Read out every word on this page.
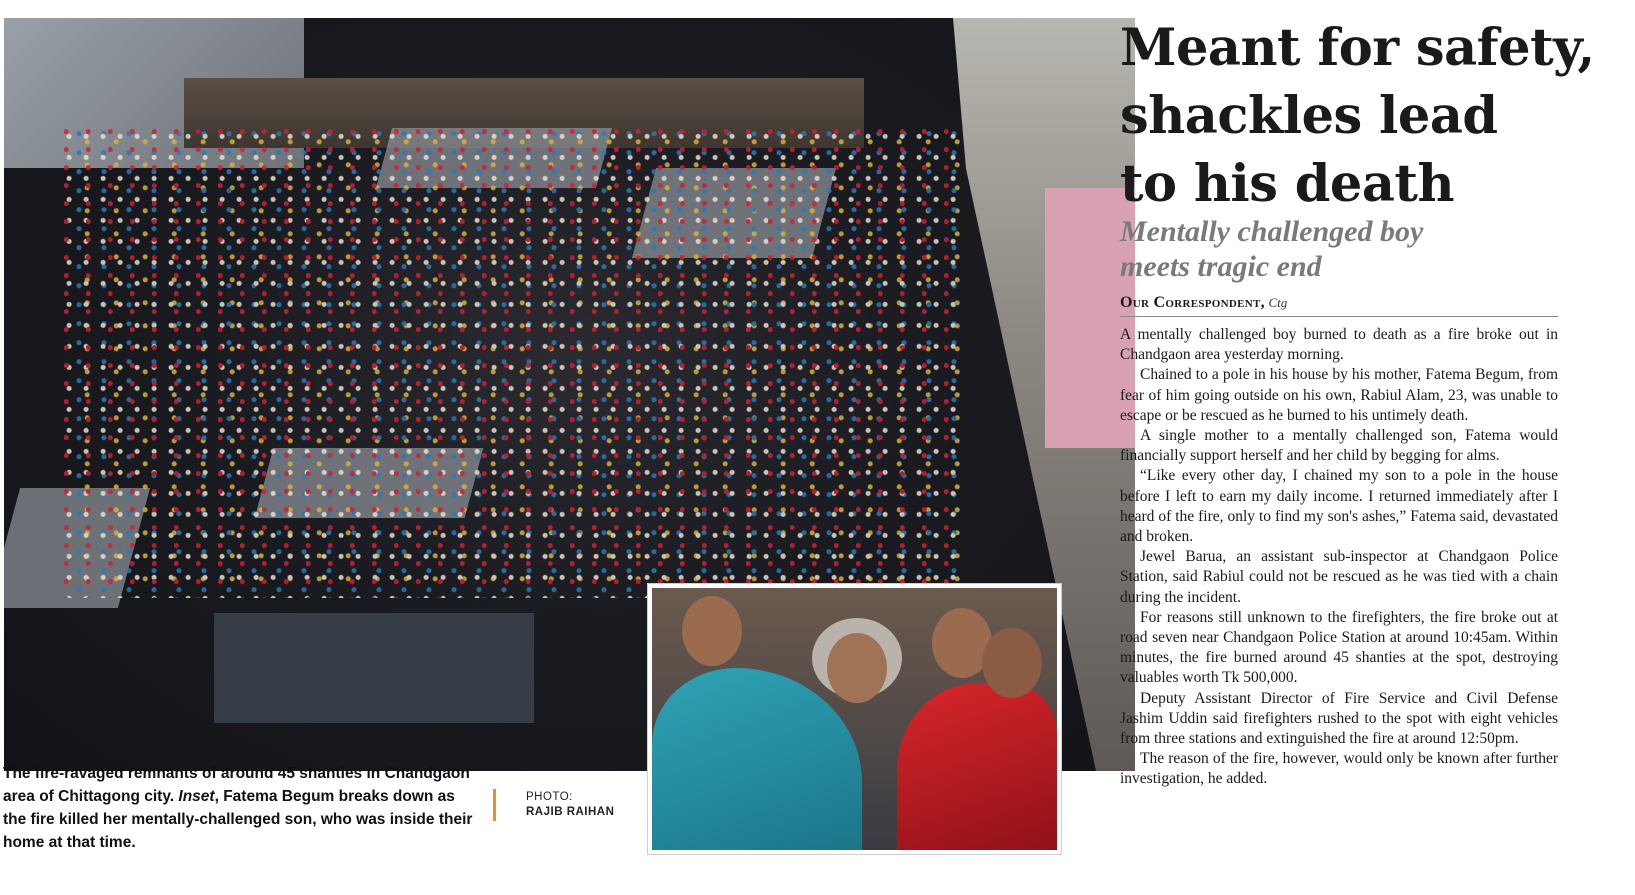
The fire-ravaged remnants of around 45 shanties in Chandgaon area of Chittagong city. Inset, Fatema Begum breaks down as the fire killed her mentally-challenged son, who was inside their home at that time.
PHOTO:
RAJIB RAIHAN
Meant for safety,
shackles lead
to his death
Mentally challenged boy
meets tragic end
Our Correspondent, Ctg

A mentally challenged boy burned to death as a fire broke out in Chandgaon area yesterday morning.

Chained to a pole in his house by his mother, Fatema Begum, from fear of him going outside on his own, Rabiul Alam, 23, was unable to escape or be rescued as he burned to his untimely death.

A single mother to a mentally challenged son, Fatema would financially support herself and her child by begging for alms.

“Like every other day, I chained my son to a pole in the house before I left to earn my daily income. I returned immediately after I heard of the fire, only to find my son's ashes,” Fatema said, devastated and broken.

Jewel Barua, an assistant sub-inspector at Chandgaon Police Station, said Rabiul could not be rescued as he was tied with a chain during the incident.

For reasons still unknown to the firefighters, the fire broke out at road seven near Chandgaon Police Station at around 10:45am. Within minutes, the fire burned around 45 shanties at the spot, destroying valuables worth Tk 500,000.

Deputy Assistant Director of Fire Service and Civil Defense Jashim Uddin said firefighters rushed to the spot with eight vehicles from three stations and extinguished the fire at around 12:50pm.

The reason of the fire, however, would only be known after further investigation, he added.
